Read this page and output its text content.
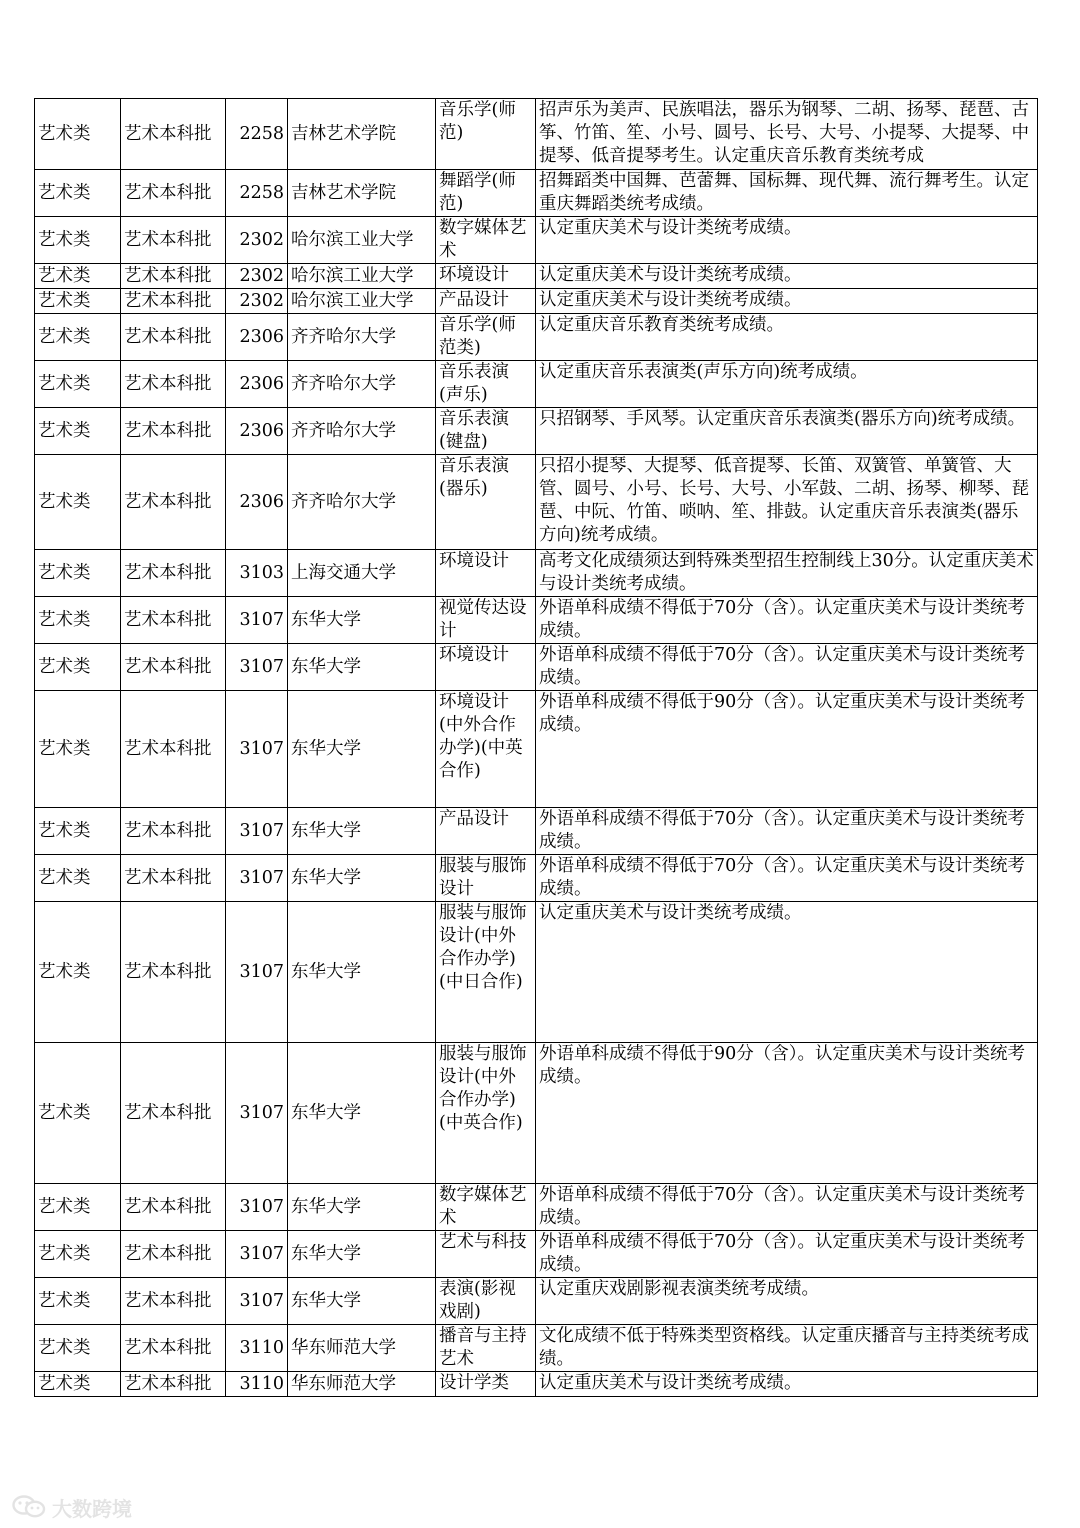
艺术类	艺术本科批	2258	吉林艺术学院	音乐学(师范)	招声乐为美声、民族唱法，器乐为钢琴、二胡、扬琴、琵琶、古筝、竹笛、笙、小号、圆号、长号、大号、小提琴、大提琴、中提琴、低音提琴考生。认定重庆音乐教育类统考成
艺术类	艺术本科批	2258	吉林艺术学院	舞蹈学(师范)	招舞蹈类中国舞、芭蕾舞、国标舞、现代舞、流行舞考生。认定重庆舞蹈类统考成绩。
艺术类	艺术本科批	2302	哈尔滨工业大学	数字媒体艺术	认定重庆美术与设计类统考成绩。
艺术类	艺术本科批	2302	哈尔滨工业大学	环境设计	认定重庆美术与设计类统考成绩。
艺术类	艺术本科批	2302	哈尔滨工业大学	产品设计	认定重庆美术与设计类统考成绩。
艺术类	艺术本科批	2306	齐齐哈尔大学	音乐学(师范类)	认定重庆音乐教育类统考成绩。
艺术类	艺术本科批	2306	齐齐哈尔大学	音乐表演(声乐)	认定重庆音乐表演类(声乐方向)统考成绩。
艺术类	艺术本科批	2306	齐齐哈尔大学	音乐表演(键盘)	只招钢琴、手风琴。认定重庆音乐表演类(器乐方向)统考成绩。
艺术类	艺术本科批	2306	齐齐哈尔大学	音乐表演(器乐)	只招小提琴、大提琴、低音提琴、长笛、双簧管、单簧管、大管、圆号、小号、长号、大号、小军鼓、二胡、扬琴、柳琴、琵琶、中阮、竹笛、唢呐、笙、排鼓。认定重庆音乐表演类(器乐方向)统考成绩。
艺术类	艺术本科批	3103	上海交通大学	环境设计	高考文化成绩须达到特殊类型招生控制线上30分。认定重庆美术与设计类统考成绩。
艺术类	艺术本科批	3107	东华大学	视觉传达设计	外语单科成绩不得低于70分（含）。认定重庆美术与设计类统考成绩。
艺术类	艺术本科批	3107	东华大学	环境设计	外语单科成绩不得低于70分（含）。认定重庆美术与设计类统考成绩。
艺术类	艺术本科批	3107	东华大学	环境设计(中外合作办学)(中英合作)	外语单科成绩不得低于90分（含）。认定重庆美术与设计类统考成绩。
艺术类	艺术本科批	3107	东华大学	产品设计	外语单科成绩不得低于70分（含）。认定重庆美术与设计类统考成绩。
艺术类	艺术本科批	3107	东华大学	服装与服饰设计	外语单科成绩不得低于70分（含）。认定重庆美术与设计类统考成绩。
艺术类	艺术本科批	3107	东华大学	服装与服饰设计(中外合作办学)(中日合作)	认定重庆美术与设计类统考成绩。
艺术类	艺术本科批	3107	东华大学	服装与服饰设计(中外合作办学)(中英合作)	外语单科成绩不得低于90分（含）。认定重庆美术与设计类统考成绩。
艺术类	艺术本科批	3107	东华大学	数字媒体艺术	外语单科成绩不得低于70分（含）。认定重庆美术与设计类统考成绩。
艺术类	艺术本科批	3107	东华大学	艺术与科技	外语单科成绩不得低于70分（含）。认定重庆美术与设计类统考成绩。
艺术类	艺术本科批	3107	东华大学	表演(影视戏剧)	认定重庆戏剧影视表演类统考成绩。
艺术类	艺术本科批	3110	华东师范大学	播音与主持艺术	文化成绩不低于特殊类型资格线。认定重庆播音与主持类统考成绩。
艺术类	艺术本科批	3110	华东师范大学	设计学类	认定重庆美术与设计类统考成绩。
大数跨境
